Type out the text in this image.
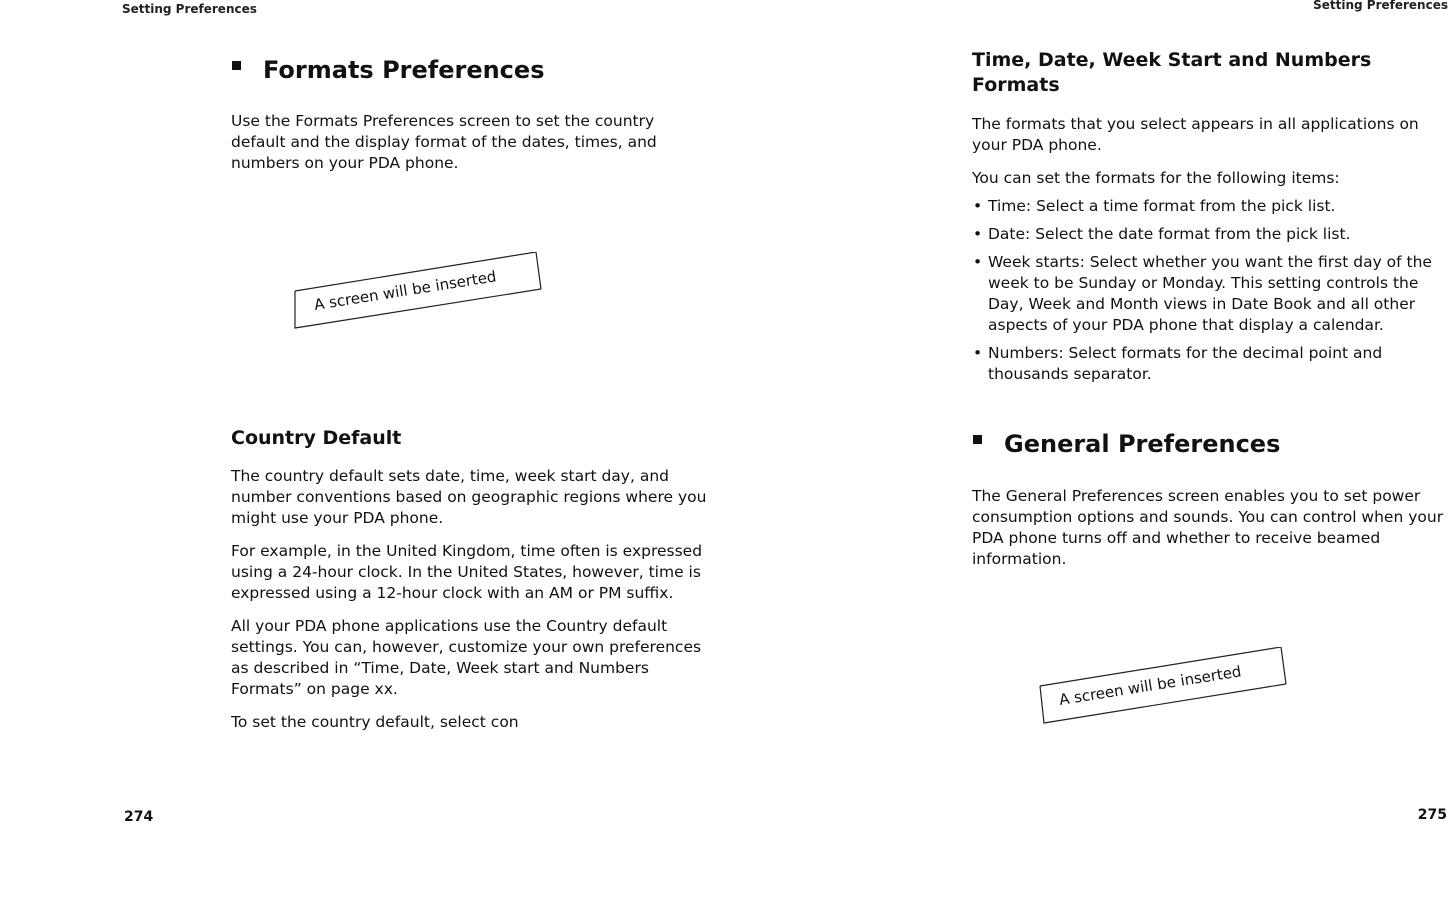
Setting Preferences
Formats Preferences

Use the Formats Preferences screen to set the country default and the display format of the dates, times, and numbers on your PDA phone.

A screen will be inserted
Country Default

The country default sets date, time, week start day, and number conventions based on geographic regions where you might use your PDA phone.

For example, in the United Kingdom, time often is expressed using a 24-hour clock. In the United States, however, time is expressed using a 12-hour clock with an AM or PM suffix.

All your PDA phone applications use the Country default settings. You can, however, customize your own preferences as described in “Time, Date, Week start and Numbers Formats” on page xx.

To set the country default, select con

274
Setting Preferences
Time, Date, Week Start and Numbers Formats

The formats that you select appears in all applications on your PDA phone.

You can set the formats for the following items:

• Time: Select a time format from the pick list.
• Date: Select the date format from the pick list.
• Week starts: Select whether you want the first day of the week to be Sunday or Monday. This setting controls the Day, Week and Month views in Date Book and all other aspects of your PDA phone that display a calendar.
• Numbers: Select formats for the decimal point and thousands separator.
General Preferences

The General Preferences screen enables you to set power consumption options and sounds. You can control when your PDA phone turns off and whether to receive beamed information.

A screen will be inserted
275
